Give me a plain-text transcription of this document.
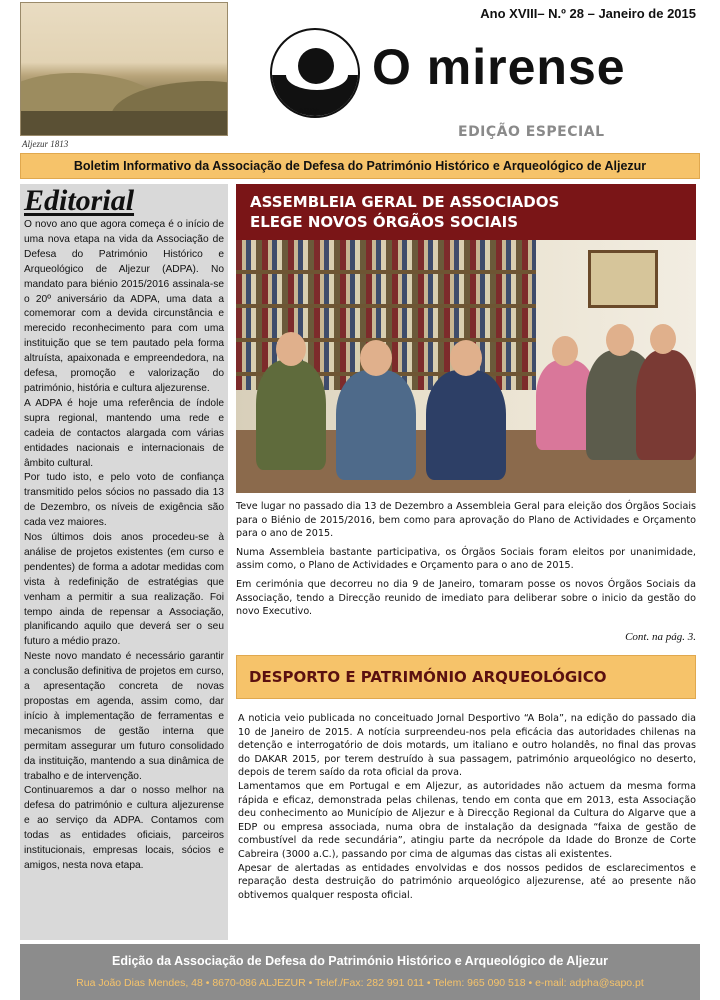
Aljezur 1813
Ano XVIII– N.º 28 – Janeiro de 2015
ADPA
O mirense
EDIÇÃO ESPECIAL
Boletim Informativo da Associação de Defesa do Património Histórico e Arqueológico de Aljezur
Editorial

O novo ano que agora começa é o início de uma nova etapa na vida da Associação de Defesa do Património Histórico e Arqueológico de Aljezur (ADPA). No mandato para biénio 2015/2016 assinala-se o 20º aniversário da ADPA, uma data a comemorar com a devida circunstância e merecido reconhecimento para com uma instituição que se tem pautado pela forma altruísta, apaixonada e empreendedora, na defesa, promoção e valorização do património, história e cultura aljezurense.

A ADPA é hoje uma referência de índole supra regional, mantendo uma rede e cadeia de contactos alargada com várias entidades nacionais e internacionais de âmbito cultural.

Por tudo isto, e pelo voto de confiança transmitido pelos sócios no passado dia 13 de Dezembro, os níveis de exigência são cada vez maiores.

Nos últimos dois anos procedeu-se à análise de projetos existentes (em curso e pendentes) de forma a adotar medidas com vista à redefinição de estratégias que venham a permitir a sua realização. Foi tempo ainda de repensar a Associação, planificando aquilo que deverá ser o seu futuro a médio prazo.

Neste novo mandato é necessário garantir a conclusão definitiva de projetos em curso, a apresentação concreta de novas propostas em agenda, assim como, dar início à implementação de ferramentas e mecanismos de gestão interna que permitam assegurar um futuro consolidado da instituição, mantendo a sua dinâmica de trabalho e de intervenção.

Continuaremos a dar o nosso melhor na defesa do património e cultura aljezurense e ao serviço da ADPA. Contamos com todas as entidades oficiais, parceiros institucionais, empresas locais, sócios e amigos, nesta nova etapa.

ASSEMBLEIA GERAL DE ASSOCIADOS
ELEGE NOVOS ÓRGÃOS SOCIAIS

Teve lugar no passado dia 13 de Dezembro a Assembleia Geral para eleição dos Órgãos Sociais para o Biénio de 2015/2016, bem como para aprovação do Plano de Actividades e Orçamento para o ano de 2015.

Numa Assembleia bastante participativa, os Órgãos Sociais foram eleitos por unanimidade, assim como, o Plano de Actividades e Orçamento para o ano de 2015.

Em cerimónia que decorreu no dia 9 de Janeiro, tomaram posse os novos Órgãos Sociais da Associação, tendo a Direcção reunido de imediato para deliberar sobre o inicio da gestão do novo Executivo.

Cont. na pág. 3.
DESPORTO E PATRIMÓNIO ARQUEOLÓGICO

A noticia veio publicada no conceituado Jornal Desportivo “A Bola”, na edição do passado dia 10 de Janeiro de 2015. A notícia surpreendeu-nos pela eficácia das autoridades chilenas na detenção e interrogatório de dois motards, um italiano e outro holandês, no final das provas do DAKAR 2015, por terem destruído à sua passagem, património arqueológico no deserto, depois de terem saído da rota oficial da prova.

Lamentamos que em Portugal e em Aljezur, as autoridades não actuem da mesma forma rápida e eficaz, demonstrada pelas chilenas, tendo em conta que em 2013, esta Associação deu conhecimento ao Município de Aljezur e à Direcção Regional da Cultura do Algarve que a EDP ou empresa associada, numa obra de instalação da designada “faixa de gestão de combustível da rede secundária”, atingiu parte da necrópole da Idade do Bronze de Corte Cabreira (3000 a.C.), passando por cima de algumas das cistas ali existentes.

Apesar de alertadas as entidades envolvidas e dos nossos pedidos de esclarecimentos e reparação desta destruição do património arqueológico aljezurense, até ao presente não obtivemos qualquer resposta oficial.

Edição da Associação de Defesa do Património Histórico e Arqueológico de Aljezur
Rua João Dias Mendes, 48 • 8670-086 ALJEZUR • Telef./Fax: 282 991 011 • Telem: 965 090 518 • e-mail: adpha@sapo.pt
